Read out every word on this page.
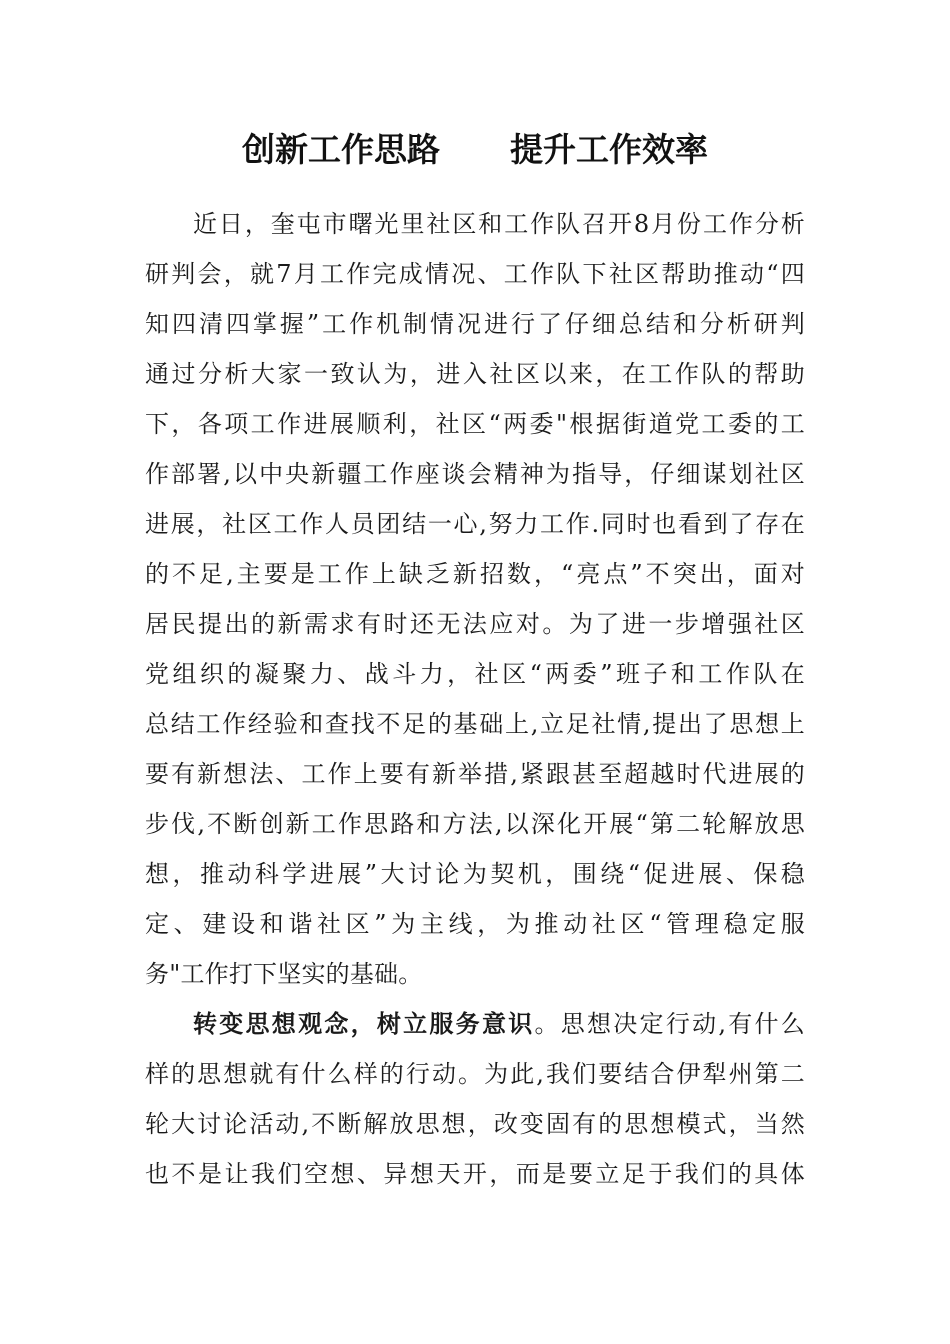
创新工作思路 提升工作效率
近日，奎屯市曙光里社区和工作队召开8月份工作分析
研判会，就7月工作完成情况、工作队下社区帮助推动“四
知四清四掌握”工作机制情况进行了仔细总结和分析研判
通过分析大家一致认为，进入社区以来，在工作队的帮助
下，各项工作进展顺利，社区“两委"根据街道党工委的工
作部署,以中央新疆工作座谈会精神为指导，仔细谋划社区
进展，社区工作人员团结一心,努力工作.同时也看到了存在
的不足,主要是工作上缺乏新招数，“亮点”不突出，面对
居民提出的新需求有时还无法应对。为了进一步增强社区
党组织的凝聚力、战斗力，社区“两委”班子和工作队在
总结工作经验和查找不足的基础上,立足社情,提出了思想上
要有新想法、工作上要有新举措,紧跟甚至超越时代进展的
步伐,不断创新工作思路和方法,以深化开展“第二轮解放思
想，推动科学进展”大讨论为契机，围绕“促进展、保稳
定、建设和谐社区”为主线，为推动社区“管理稳定服
务"工作打下坚实的基础。
转变思想观念，树立服务意识。思想决定行动,有什么
样的思想就有什么样的行动。为此,我们要结合伊犁州第二
轮大讨论活动,不断解放思想，改变固有的思想模式，当然
也不是让我们空想、异想天开，而是要立足于我们的具体
